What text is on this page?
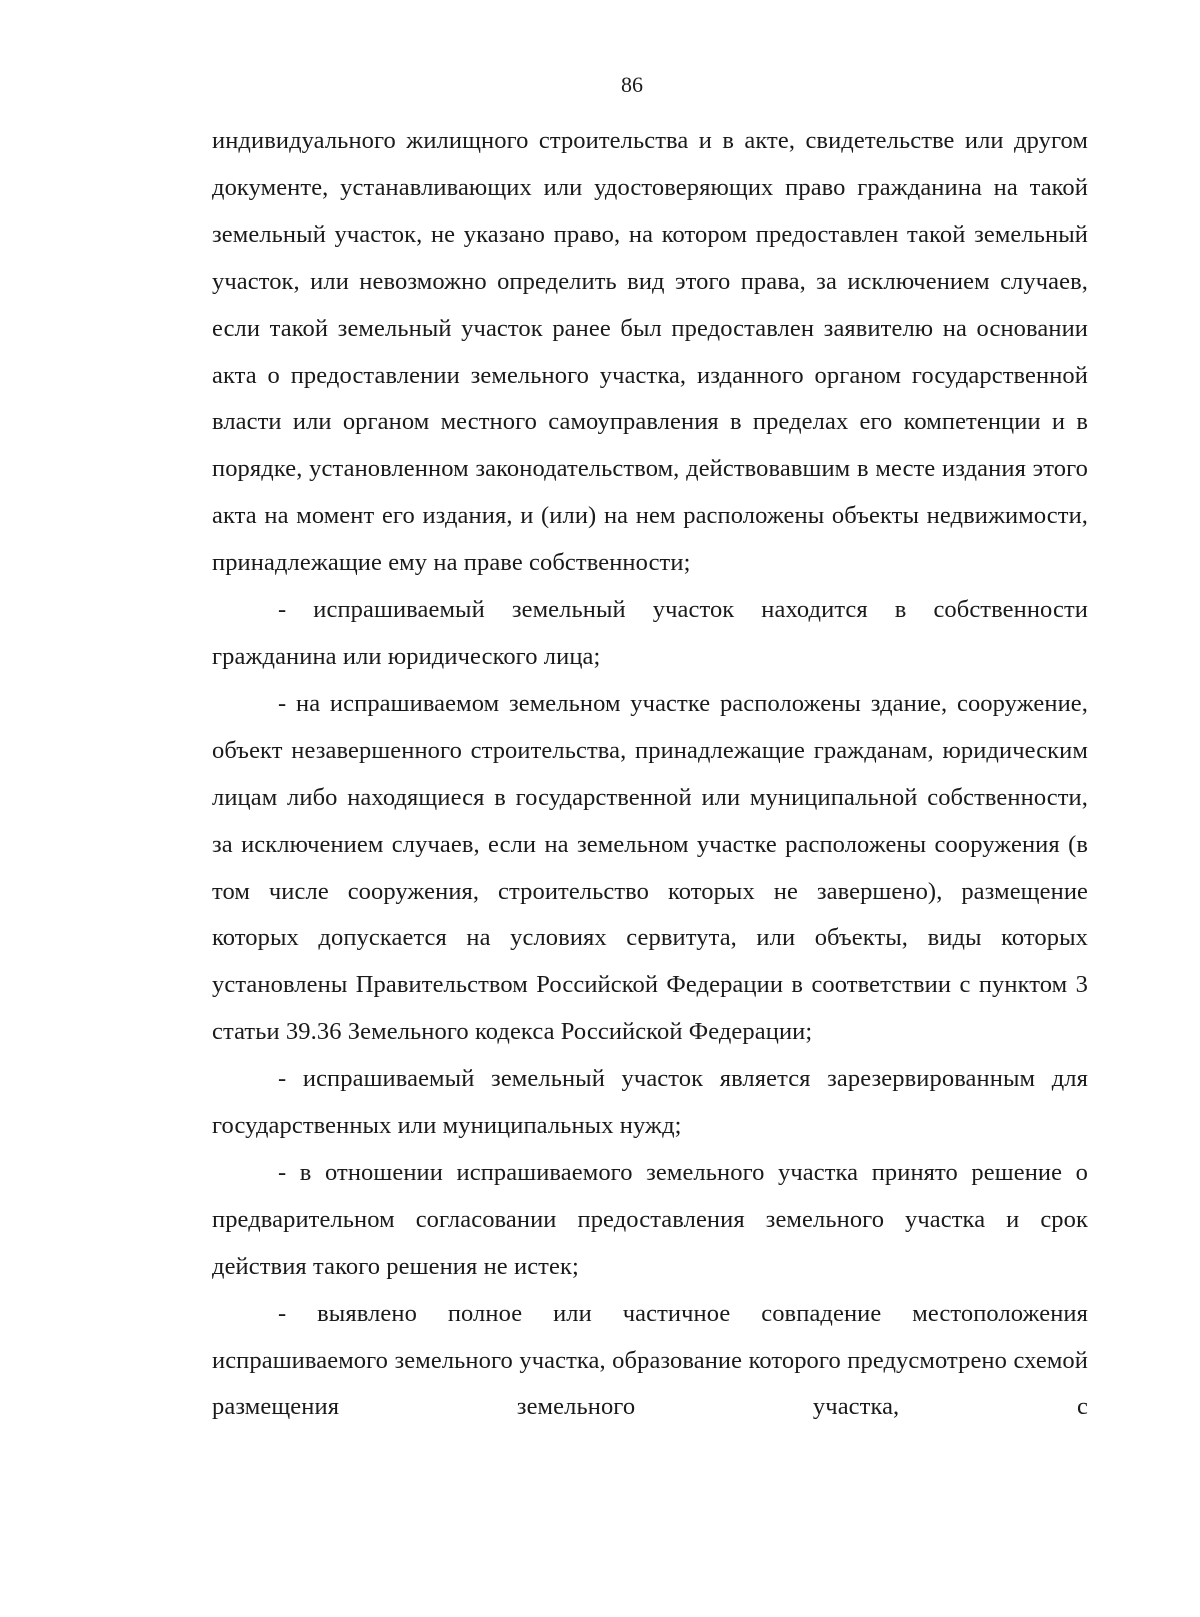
86

индивидуального жилищного строительства и в акте, свидетельстве или другом документе, устанавливающих или удостоверяющих право гражданина на такой земельный участок, не указано право, на котором предоставлен такой земельный участок, или невозможно определить вид этого права, за исключением случаев, если такой земельный участок ранее был предоставлен заявителю на основании акта о предоставлении земельного участка, изданного органом государственной власти или органом местного самоуправления в пределах его компетенции и в порядке, установленном законодательством, действовавшим в месте издания этого акта на момент его издания, и (или) на нем расположены объекты недвижимости, принадлежащие ему на праве собственности;

- испрашиваемый земельный участок находится в собственности гражданина или юридического лица;

- на испрашиваемом земельном участке расположены здание, сооружение, объект незавершенного строительства, принадлежащие гражданам, юридическим лицам либо находящиеся в государственной или муниципальной собственности, за исключением случаев, если на земельном участке расположены сооружения (в том числе сооружения, строительство которых не завершено), размещение которых допускается на условиях сервитута, или объекты, виды которых установлены Правительством Российской Федерации в соответствии с пунктом 3 статьи 39.36 Земельного кодекса Российской Федерации;

- испрашиваемый земельный участок является зарезервированным для государственных или муниципальных нужд;

- в отношении испрашиваемого земельного участка принято решение о предварительном согласовании предоставления земельного участка и срок действия такого решения не истек;

- выявлено полное или частичное совпадение местоположения испрашиваемого земельного участка, образование которого предусмотрено схемой размещения земельного участка, с
